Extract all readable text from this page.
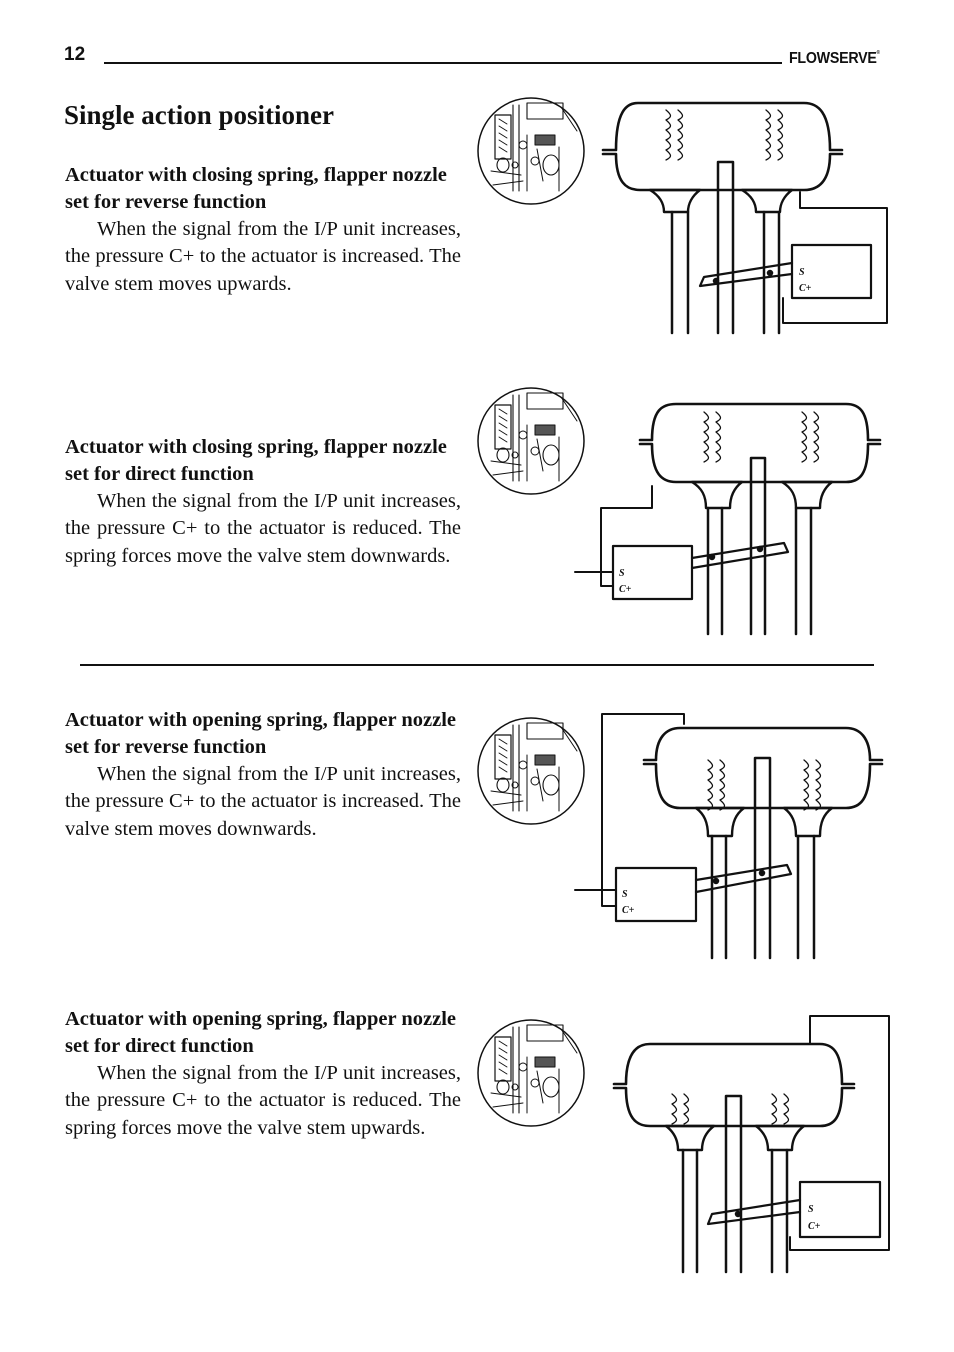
12	FLOWSERVE®
Single action positioner

Actuator with closing spring, flapper nozzle set for reverse function

When the signal from the I/P unit increases, the pressure C+ to the actuator is increased. The valve stem moves upwards.

Actuator with closing spring, flapper nozzle set for direct function

When the signal from the I/P unit increases, the pressure C+ to the actuator is reduced. The spring forces move the valve stem downwards.

Actuator with opening spring, flapper nozzle set for reverse function

When the signal from the I/P unit increases, the pressure C+ to the actuator is increased. The valve stem moves downwards.

Actuator with opening spring, flapper nozzle set for direct function

When the signal from the I/P unit increases, the pressure C+ to the actuator is reduced. The spring forces move the valve stem upwards.

S
C+
S
C+
S
C+
S
C+
